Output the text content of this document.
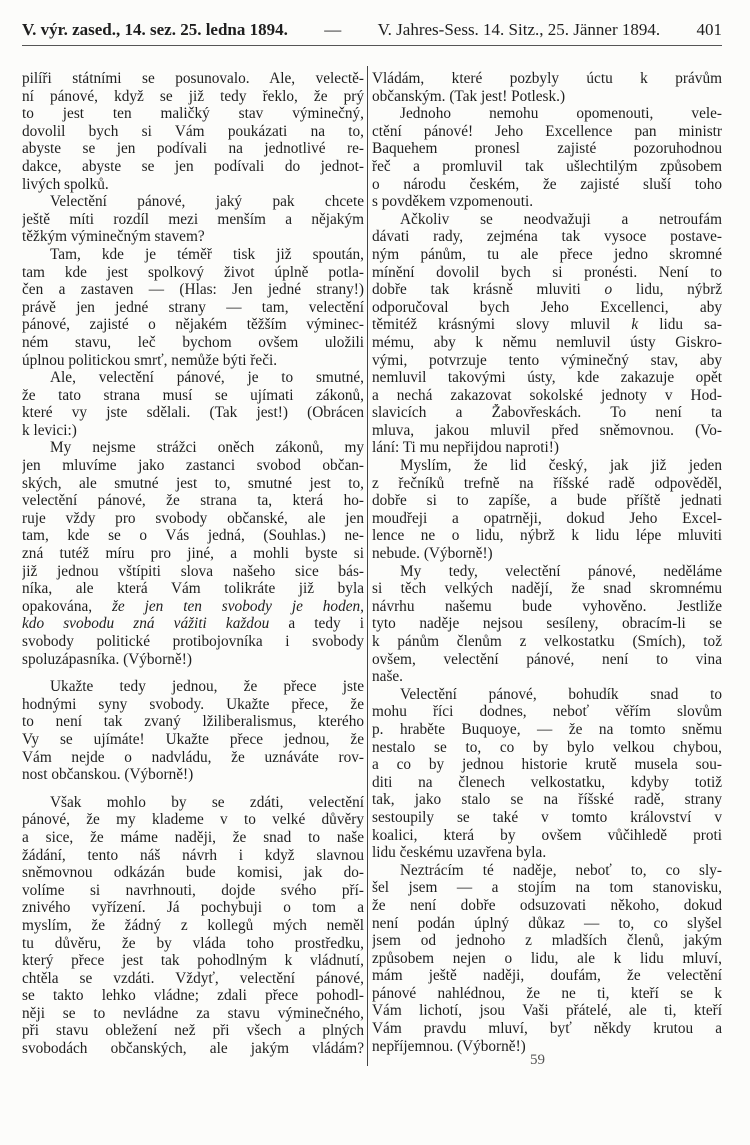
V. výr. zased., 14. sez. 25. ledna 1894. — V. Jahres-Sess. 14. Sitz., 25. Jänner 1894. 401
pilíři státními se posunovalo. Ale, velectě-
ní pánové, když se již tedy řeklo, že prý
to jest ten maličký stav výminečný,
dovolil bych si Vám poukázati na to,
abyste se jen podívali na jednotlivé re-
dakce, abyste se jen podívali do jednot-
livých spolků.
Velectění pánové, jaký pak chcete
ještě míti rozdíl mezi menším a nějakým
těžkým výminečným stavem?
Tam, kde je téměř tisk již spoután,
tam kde jest spolkový život úplně potla-
čen a zastaven — (Hlas: Jen jedné strany!)
právě jen jedné strany — tam, velectění
pánové, zajisté o nějakém těžším výminec-
ném stavu, leč bychom ovšem uložili
úplnou politickou smrť, nemůže býti řeči.
Ale, velectění pánové, je to smutné,
že tato strana musí se ujímati zákonů,
které vy jste sdělali. (Tak jest!) (Obrácen
k levici:)
My nejsme strážci oněch zákonů, my
jen mluvíme jako zastanci svobod občan-
ských, ale smutné jest to, smutné jest to,
velectění pánové, že strana ta, která ho-
ruje vždy pro svobody občanské, ale jen
tam, kde se o Vás jedná, (Souhlas.) ne-
zná tutéž míru pro jiné, a mohli byste si
již jednou vštípiti slova našeho sice bás-
níka, ale která Vám tolikráte již byla
opakována, že jen ten svobody je hoden,
kdo svobodu zná vážiti každou a tedy i
svobody politické protibojovníka i svobody
spoluzápasníka. (Výborně!)
Ukažte tedy jednou, že přece jste
hodnými syny svobody. Ukažte přece, že
to není tak zvaný lžiliberalismus, kterého
Vy se ujímáte! Ukažte přece jednou, že
Vám nejde o nadvládu, že uznáváte rov-
nost občanskou. (Výborně!)
Však mohlo by se zdáti, velectění
pánové, že my klademe v to velké důvěry
a sice, že máme naději, že snad to naše
žádání, tento náš návrh i když slavnou
sněmovnou odkázán bude komisi, jak do-
volíme si navrhnouti, dojde svého pří-
znivého vyřízení. Já pochybuji o tom a
myslím, že žádný z kollegů mých neměl
tu důvěru, že by vláda toho prostředku,
který přece jest tak pohodlným k vládnutí,
chtěla se vzdáti. Vždyť, velectění pánové,
se takto lehko vládne; zdali přece pohodl-
něji se to nevládne za stavu výminečného,
při stavu obležení než při všech a plných
svobodách občanských, ale jakým vládám?
Vládám, které pozbyly úctu k právům
občanským. (Tak jest! Potlesk.)
Jednoho nemohu opomenouti, vele-
ctění pánové! Jeho Excellence pan ministr
Baquehem pronesl zajisté pozoruhodnou
řeč a promluvil tak ušlechtilým způsobem
o národu českém, že zajisté sluší toho
s povděkem vzpomenouti.
Ačkoliv se neodvažuji a netroufám
dávati rady, zejména tak vysoce postave-
ným pánům, tu ale přece jedno skromné
mínění dovolil bych si pronésti. Není to
dobře tak krásně mluviti o lidu, nýbrž
odporučoval bych Jeho Excellenci, aby
těmitéž krásnými slovy mluvil k lidu sa-
mému, aby k němu nemluvil ústy Giskro-
vými, potvrzuje tento výminečný stav, aby
nemluvil takovými ústy, kde zakazuje opět
a nechá zakazovat sokolské jednoty v Hod-
slavicích a Žabovřeskách. To není ta
mluva, jakou mluvil před sněmovnou. (Vo-
lání: Ti mu nepřijdou naproti!)
Myslím, že lid český, jak již jeden
z řečníků trefně na říšské radě odpověděl,
dobře si to zapíše, a bude příště jednati
moudřeji a opatrněji, dokud Jeho Excel-
lence ne o lidu, nýbrž k lidu lépe mluviti
nebude. (Výborně!)
My tedy, velectění pánové, neděláme
si těch velkých nadějí, že snad skromnému
návrhu našemu bude vyhověno. Jestliže
tyto naděje nejsou sesíleny, obracím-li se
k pánům členům z velkostatku (Smích), tož
ovšem, velectění pánové, není to vina
naše.
Velectění pánové, bohudík snad to
mohu říci dodnes, neboť věřím slovům
p. hraběte Buquoye, — že na tomto sněmu
nestalo se to, co by bylo velkou chybou,
a co by jednou historie krutě musela sou-
diti na členech velkostatku, kdyby totiž
tak, jako stalo se na říšské radě, strany
sestoupily se také v tomto království v
koalici, která by ovšem vůčihledě proti
lidu českému uzavřena byla.
Neztrácím té naděje, neboť to, co sly-
šel jsem — a stojím na tom stanovisku,
že není dobře odsuzovati někoho, dokud
není podán úplný důkaz — to, co slyšel
jsem od jednoho z mladších členů, jakým
způsobem nejen o lidu, ale k lidu mluví,
mám ještě naději, doufám, že velectění
pánové nahlédnou, že ne ti, kteří se k
Vám lichotí, jsou Vaši přátelé, ale ti, kteří
Vám pravdu mluví, byť někdy krutou a
nepříjemnou. (Výborně!)
59
